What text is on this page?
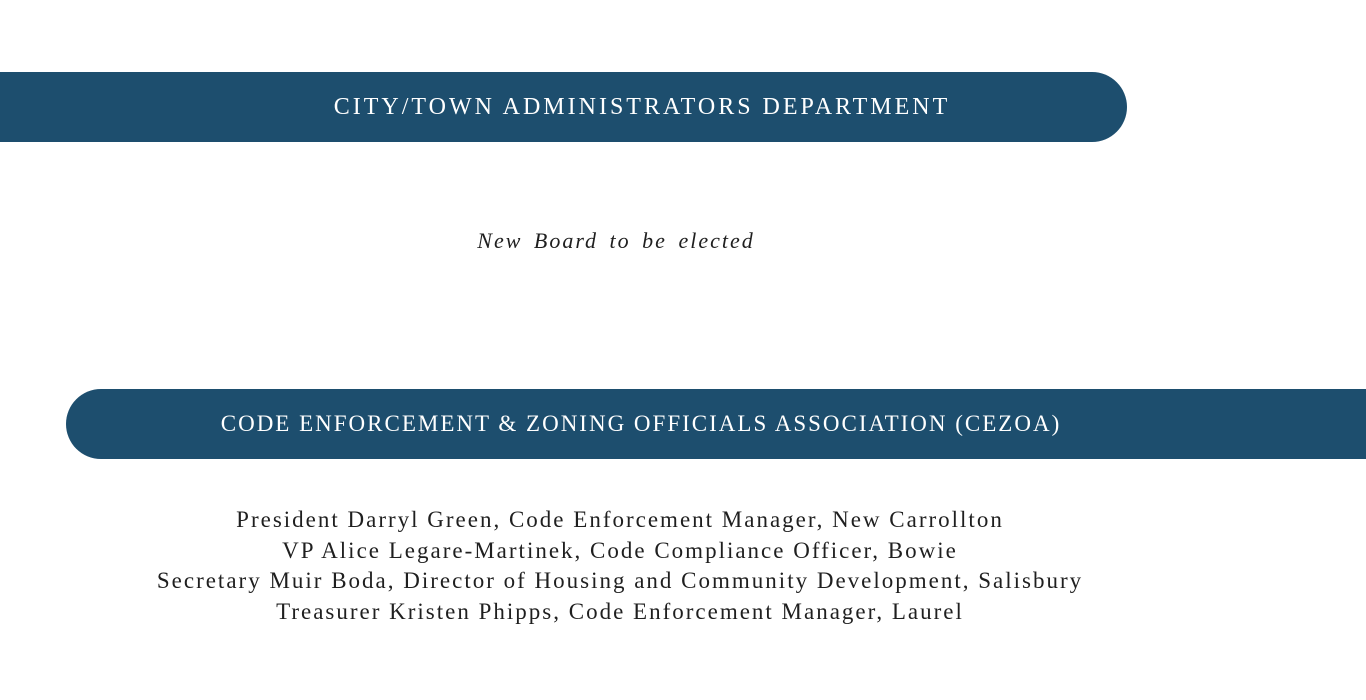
CITY/TOWN ADMINISTRATORS DEPARTMENT
New Board to be elected
CODE ENFORCEMENT & ZONING OFFICIALS ASSOCIATION (CEZOA)
President Darryl Green, Code Enforcement Manager, New Carrollton
VP Alice Legare-Martinek, Code Compliance Officer, Bowie
Secretary Muir Boda, Director of Housing and Community Development, Salisbury
Treasurer Kristen Phipps, Code Enforcement Manager, Laurel
